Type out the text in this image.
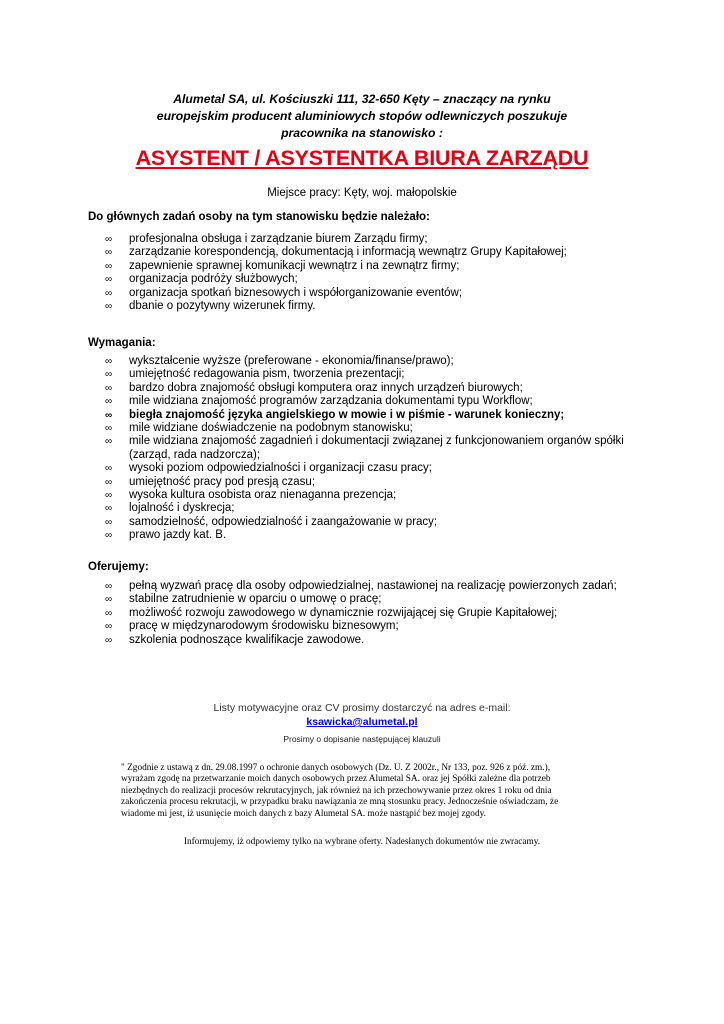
Alumetal SA, ul. Kościuszki 111, 32-650 Kęty – znaczący na rynku
europejskim producent aluminiowych stopów odlewniczych poszukuje
pracownika na stanowisko :
ASYSTENT / ASYSTENTKA BIURA ZARZĄDU
Miejsce pracy: Kęty, woj. małopolskie
Do głównych zadań osoby na tym stanowisku będzie należało:
∞ profesjonalna obsługa i zarządzanie biurem Zarządu firmy;
∞ zarządzanie korespondencją, dokumentacją i informacją wewnątrz Grupy Kapitałowej;
∞ zapewnienie sprawnej komunikacji wewnątrz i na zewnątrz firmy;
∞ organizacja podróży służbowych;
∞ organizacja spotkań biznesowych i współorganizowanie eventów;
∞ dbanie o pozytywny wizerunek firmy.
Wymagania:
∞ wykształcenie wyższe (preferowane - ekonomia/finanse/prawo);
∞ umiejętność redagowania pism, tworzenia prezentacji;
∞ bardzo dobra znajomość obsługi komputera oraz innych urządzeń biurowych;
∞ mile widziana znajomość programów zarządzania dokumentami typu Workflow;
∞ biegła znajomość języka angielskiego w mowie i w piśmie - warunek konieczny;
∞ mile widziane doświadczenie na podobnym stanowisku;
∞ mile widziana znajomość zagadnień i dokumentacji związanej z funkcjonowaniem organów spółki
(zarząd, rada nadzorcza);
∞ wysoki poziom odpowiedzialności i organizacji czasu pracy;
∞ umiejętność pracy pod presją czasu;
∞ wysoka kultura osobista oraz nienaganna prezencja;
∞ lojalność i dyskrecja;
∞ samodzielność, odpowiedzialność i zaangażowanie w pracy;
∞ prawo jazdy kat. B.
Oferujemy:
∞ pełną wyzwań pracę dla osoby odpowiedzialnej, nastawionej na realizację powierzonych zadań;
∞ stabilne zatrudnienie w oparciu o umowę o pracę;
∞ możliwość rozwoju zawodowego w dynamicznie rozwijającej się Grupie Kapitałowej;
∞ pracę w międzynarodowym środowisku biznesowym;
∞ szkolenia podnoszące kwalifikacje zawodowe.
Listy motywacyjne oraz CV prosimy dostarczyć na adres e-mail:
ksawicka@alumetal.pl
Prosimy o dopisanie następującej klauzuli
" Zgodnie z ustawą z dn. 29.08.1997 o ochronie danych osobowych (Dz. U. Z 2002r., Nr 133, poz. 926 z póź. zm.),
wyrażam zgodę na przetwarzanie moich danych osobowych przez Alumetal SA. oraz jej Spółki zależne dla potrzeb
niezbędnych do realizacji procesów rekrutacyjnych, jak również na ich przechowywanie przez okres 1 roku od dnia
zakończenia procesu rekrutacji, w przypadku braku nawiązania ze mną stosunku pracy. Jednocześnie oświadczam, że
wiadome mi jest, iż usunięcie moich danych z bazy Alumetal SA. może nastąpić bez mojej zgody.
Informujemy, iż odpowiemy tylko na wybrane oferty. Nadesłanych dokumentów nie zwracamy.
